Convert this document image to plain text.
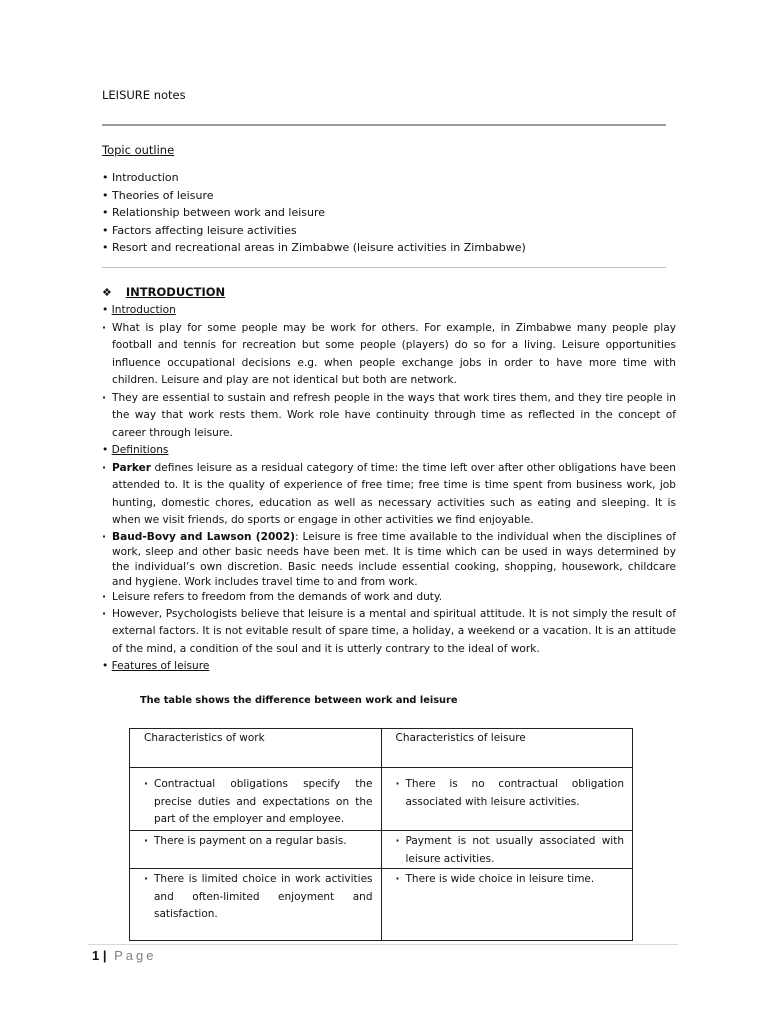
LEISURE notes
Topic outline
• Introduction
• Theories of leisure
• Relationship between work and leisure
• Factors affecting leisure activities
• Resort and recreational areas in Zimbabwe (leisure activities in Zimbabwe)
❖ INTRODUCTION
• Introduction
· What is play for some people may be work for others. For example, in Zimbabwe many people play football and tennis for recreation but some people (players) do so for a living. Leisure opportunities influence occupational decisions e.g. when people exchange jobs in order to have more time with children. Leisure and play are not identical but both are network.
· They are essential to sustain and refresh people in the ways that work tires them, and they tire people in the way that work rests them. Work role have continuity through time as reflected in the concept of career through leisure.
• Definitions
· Parker defines leisure as a residual category of time: the time left over after other obligations have been attended to. It is the quality of experience of free time; free time is time spent from business work, job hunting, domestic chores, education as well as necessary activities such as eating and sleeping. It is when we visit friends, do sports or engage in other activities we find enjoyable.
· Baud-Bovy and Lawson (2002): Leisure is free time available to the individual when the disciplines of work, sleep and other basic needs have been met. It is time which can be used in ways determined by the individual’s own discretion. Basic needs include essential cooking, shopping, housework, childcare and hygiene. Work includes travel time to and from work.
· Leisure refers to freedom from the demands of work and duty.
· However, Psychologists believe that leisure is a mental and spiritual attitude. It is not simply the result of external factors. It is not evitable result of spare time, a holiday, a weekend or a vacation. It is an attitude of the mind, a condition of the soul and it is utterly contrary to the ideal of work.
• Features of leisure
The table shows the difference between work and leisure
Characteristics of work	Characteristics of leisure

· Contractual obligations specify the precise duties and expectations on the part of the employer and employee.	· There is no contractual obligation associated with leisure activities.

· There is payment on a regular basis.	· Payment is not usually associated with leisure activities.

· There is limited choice in work activities and often-limited enjoyment and satisfaction.	· There is wide choice in leisure time.
1 | Page
